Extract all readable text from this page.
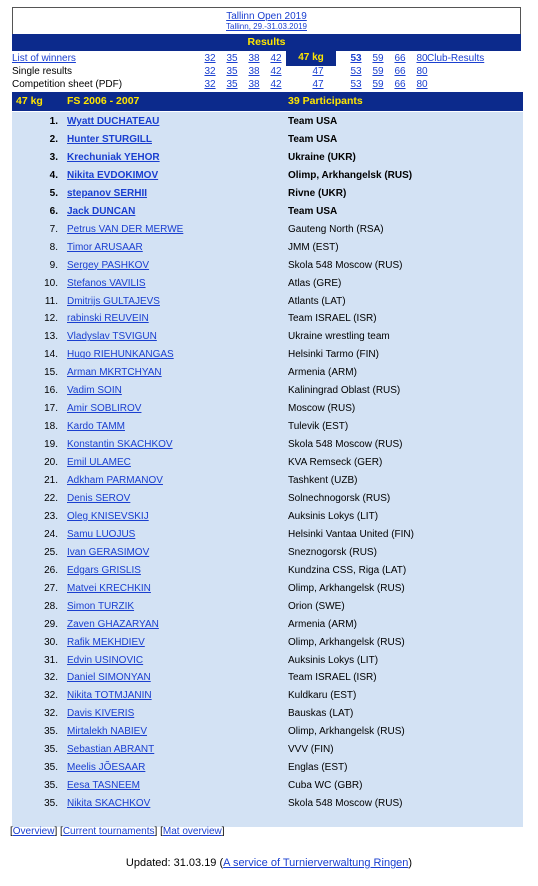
Tallinn Open 2019
Tallinn, 29.-31.03.2019
Results
List of winners	32 35 38 42	47 kg	53 59 66 80 Club-Results
Single results	32 35 38 42	47	53 59 66 80
Competition sheet (PDF)	32 35 38 42	47	53 59 66 80
47 kg FS 2006 - 2007	39 Participants
1. Wyatt DUCHATEAU	Team USA
2. Hunter STURGILL	Team USA
3. Krechuniak YEHOR	Ukraine (UKR)
4. Nikita EVDOKIMOV	Olimp, Arkhangelsk (RUS)
5. stepanov SERHII	Rivne (UKR)
6. Jack DUNCAN	Team USA
7. Petrus VAN DER MERWE	Gauteng North (RSA)
8. Timor ARUSAAR	JMM (EST)
9. Sergey PASHKOV	Skola 548 Moscow (RUS)
10. Stefanos VAVILIS	Atlas (GRE)
11. Dmitrijs GULTAJEVS	Atlants (LAT)
12. rabinski REUVEIN	Team ISRAEL (ISR)
13. Vladyslav TSVIGUN	Ukraine wrestling team
14. Hugo RIEHUNKANGAS	Helsinki Tarmo (FIN)
15. Arman MKRTCHYAN	Armenia (ARM)
16. Vadim SOIN	Kaliningrad Oblast (RUS)
17. Amir SOBLIROV	Moscow (RUS)
18. Kardo TAMM	Tulevik (EST)
19. Konstantin SKACHKOV	Skola 548 Moscow (RUS)
20. Emil ULAMEC	KVA Remseck (GER)
21. Adkham PARMANOV	Tashkent (UZB)
22. Denis SEROV	Solnechnogorsk (RUS)
23. Oleg KNISEVSKIJ	Auksinis Lokys (LIT)
24. Samu LUOJUS	Helsinki Vantaa United (FIN)
25. Ivan GERASIMOV	Sneznogorsk (RUS)
26. Edgars GRISLIS	Kundzina CSS, Riga (LAT)
27. Matvei KRECHKIN	Olimp, Arkhangelsk (RUS)
28. Simon TURZIK	Orion (SWE)
29. Zaven GHAZARYAN	Armenia (ARM)
30. Rafik MEKHDIEV	Olimp, Arkhangelsk (RUS)
31. Edvin USINOVIC	Auksinis Lokys (LIT)
32. Daniel SIMONYAN	Team ISRAEL (ISR)
32. Nikita TOTMJANIN	Kuldkaru (EST)
32. Davis KIVERIS	Bauskas (LAT)
35. Mirtalekh NABIEV	Olimp, Arkhangelsk (RUS)
35. Sebastian ABRANT	VVV (FIN)
35. Meelis JÕESAAR	Englas (EST)
35. Eesa TASNEEM	Cuba WC (GBR)
35. Nikita SKACHKOV	Skola 548 Moscow (RUS)
[Overview] [Current tournaments] [Mat overview]
Updated: 31.03.19 (A service of Turnierverwaltung Ringen)
